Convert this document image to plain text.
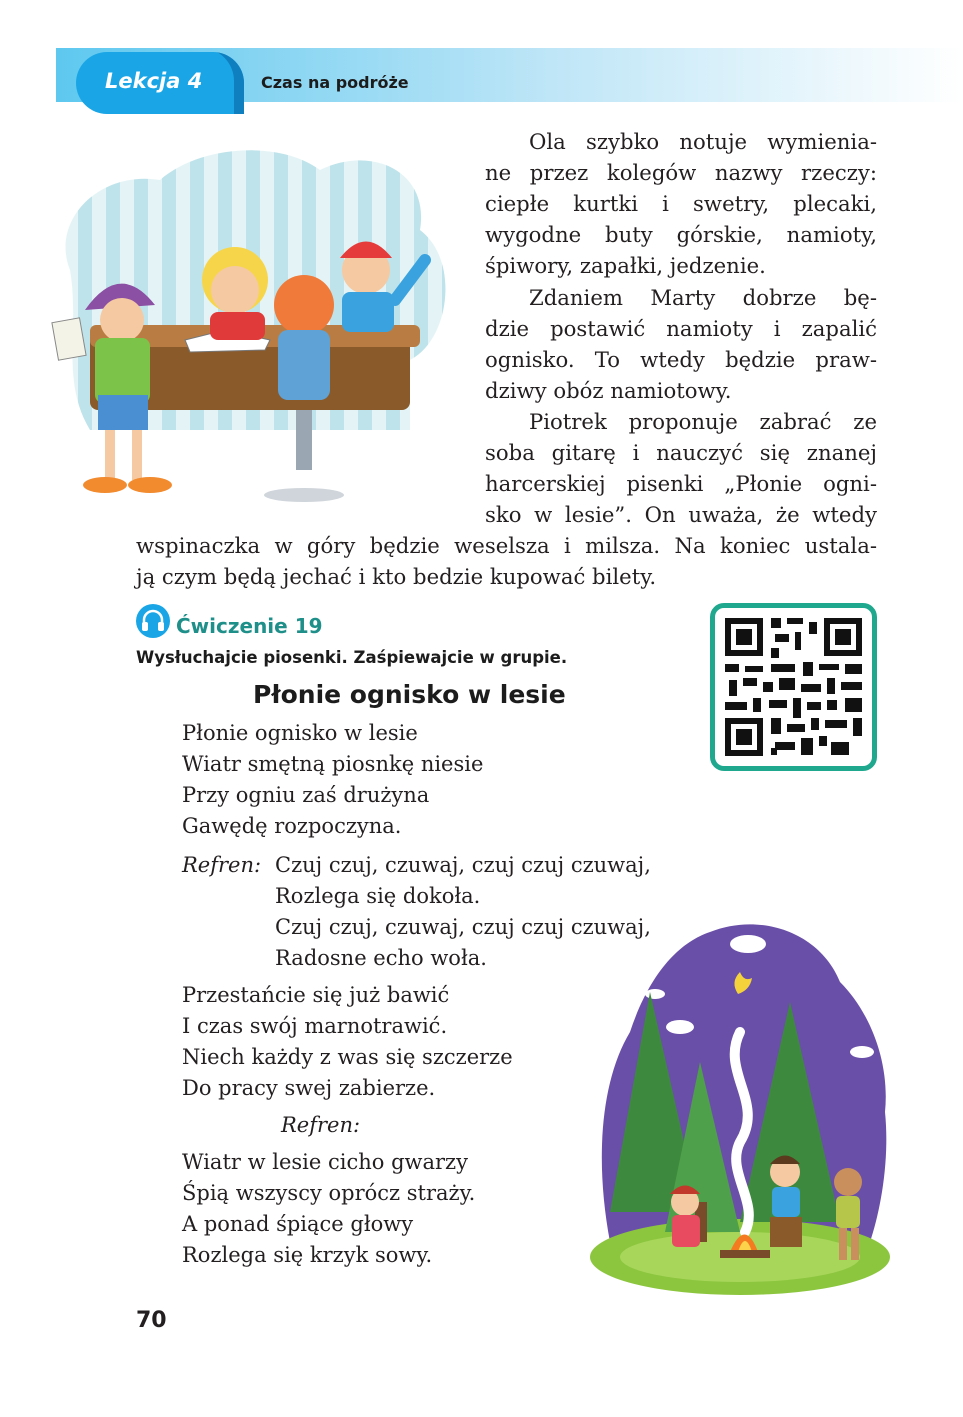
Lekcja 4	Czas na podróże
Ola szybko notuje wymienia-
ne przez kolegów nazwy rzeczy:
ciepłe kurtki i swetry, plecaki,
wygodne buty górskie, namioty,
śpiwory, zapałki, jedzenie.
Zdaniem Marty dobrze bę-
dzie postawić namioty i zapalić
ognisko. To wtedy będzie praw-
dziwy obóz namiotowy.
Piotrek proponuje zabrać ze
soba gitarę i nauczyć się znanej
harcerskiej pisenki „Płonie ogni-
sko w lesie”. On uważa, że wtedy
wspinaczka w góry będzie weselsza i milsza. Na koniec ustala-
ją czym będą jechać i kto bedzie kupować bilety.
Ćwiczenie 19
Wysłuchajcie piosenki. Zaśpiewajcie w grupie.
Płonie ognisko w lesie
Płonie ognisko w lesie
Wiatr smętną piosnkę niesie
Przy ogniu zaś drużyna
Gawędę rozpoczyna.
Refren: Czuj czuj, czuwaj, czuj czuj czuwaj,
Rozlega się dokoła.
Czuj czuj, czuwaj, czuj czuj czuwaj,
Radosne echo woła.
Przestańcie się już bawić
I czas swój marnotrawić.
Niech każdy z was się szczerze
Do pracy swej zabierze.
Refren:
Wiatr w lesie cicho gwarzy
Śpią wszyscy oprócz straży.
A ponad śpiące głowy
Rozlega się krzyk sowy.
70
